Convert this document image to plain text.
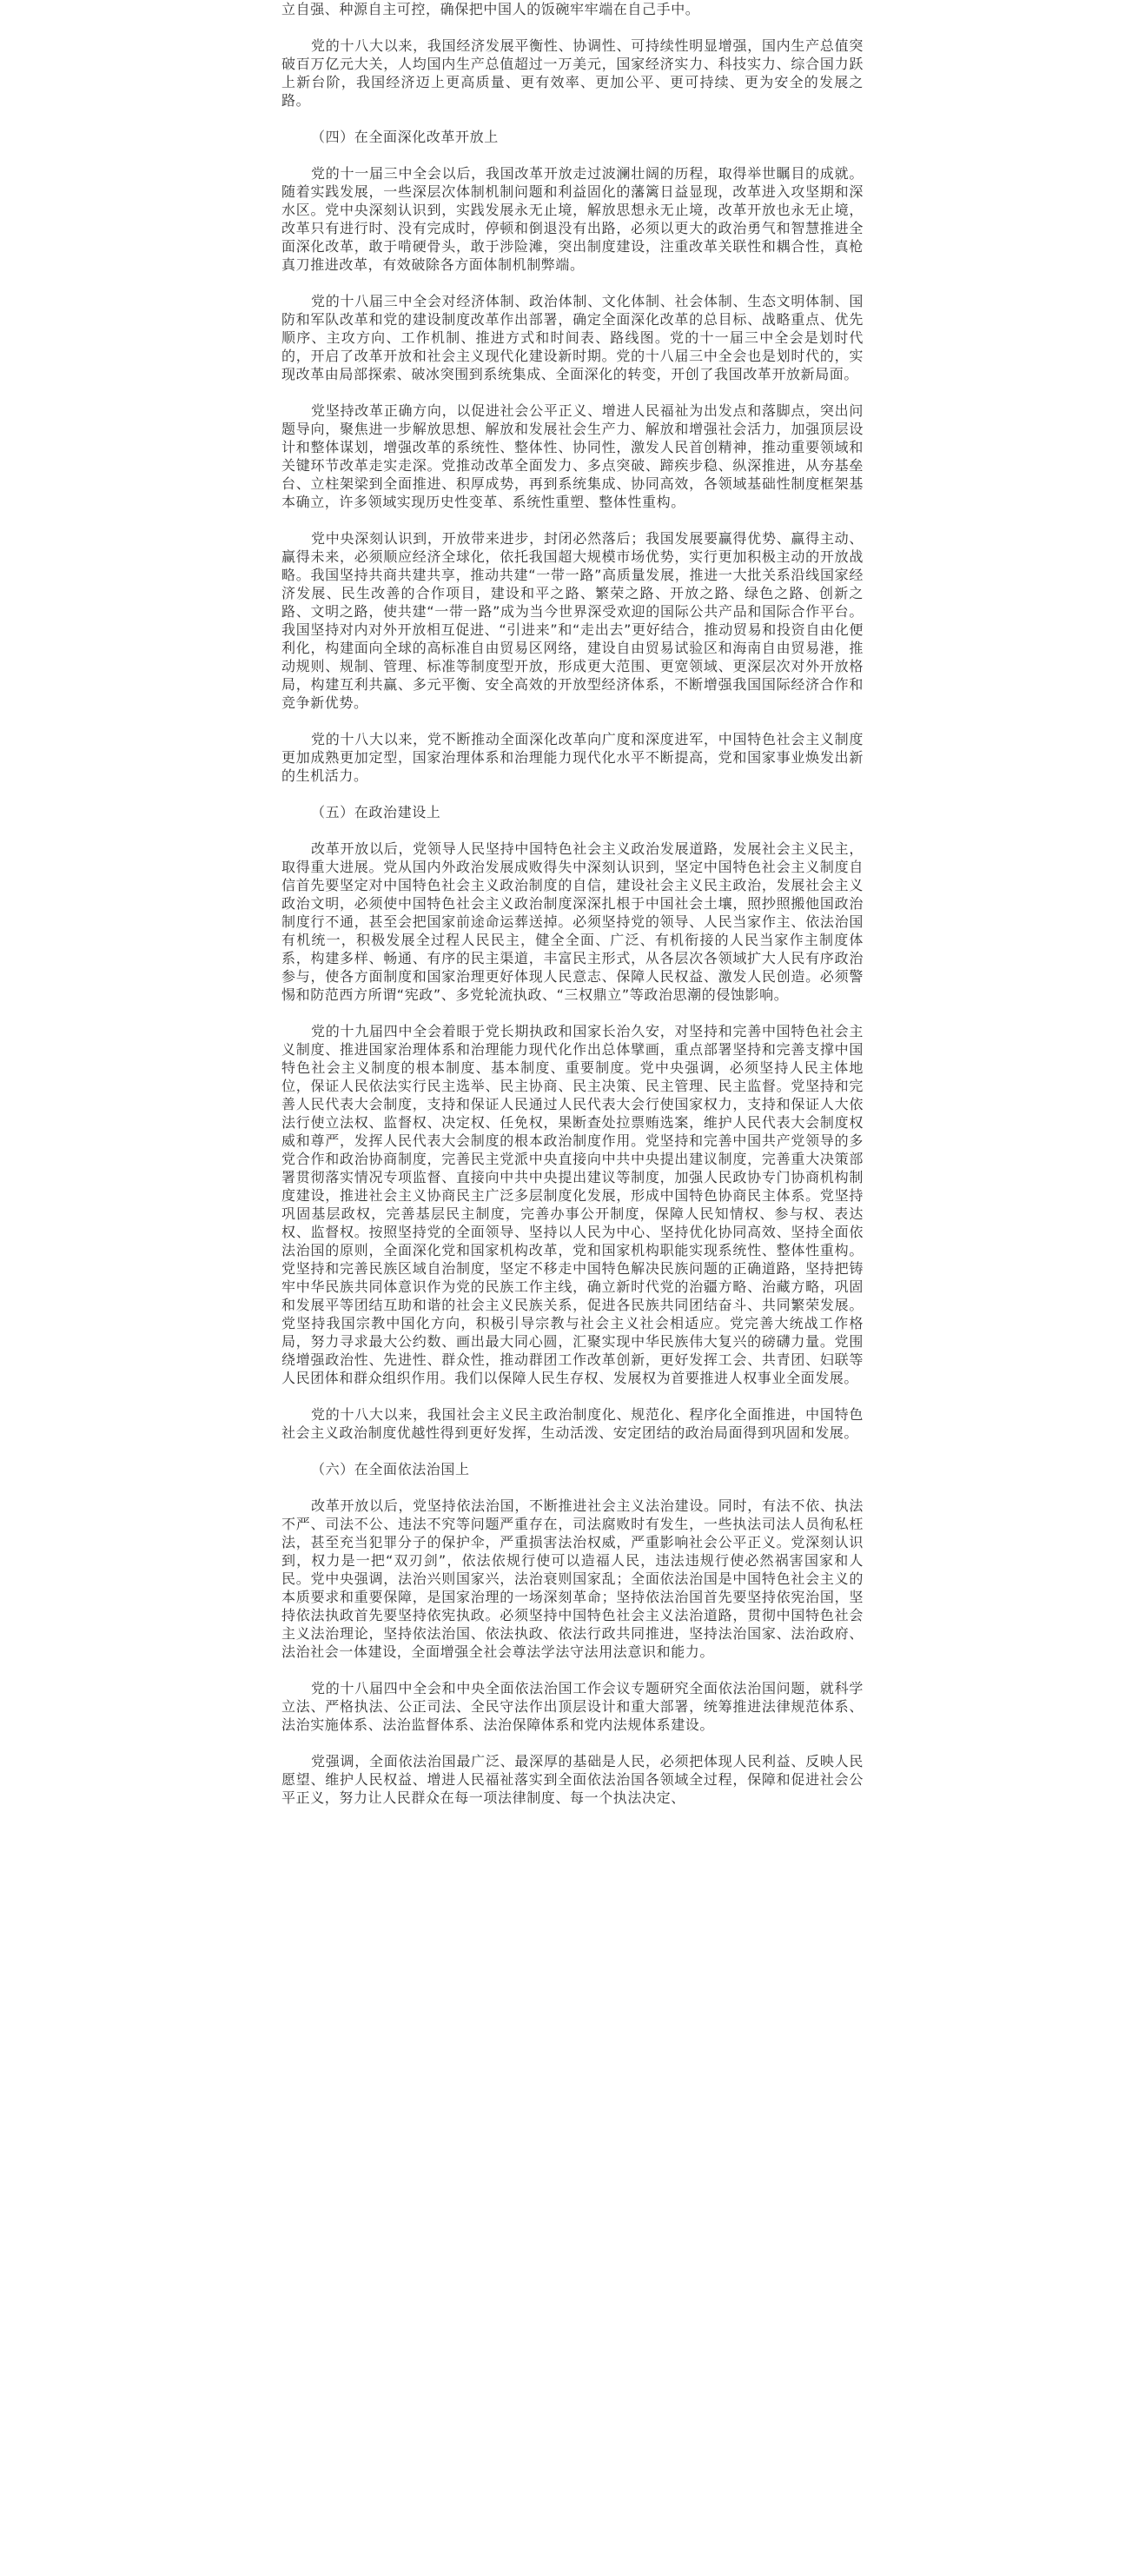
立自强、种源自主可控，确保把中国人的饭碗牢牢端在自己手中。

党的十八大以来，我国经济发展平衡性、协调性、可持续性明显增强，国内生产总值突破百万亿元大关，人均国内生产总值超过一万美元，国家经济实力、科技实力、综合国力跃上新台阶，我国经济迈上更高质量、更有效率、更加公平、更可持续、更为安全的发展之路。

（四）在全面深化改革开放上

党的十一届三中全会以后，我国改革开放走过波澜壮阔的历程，取得举世瞩目的成就。随着实践发展，一些深层次体制机制问题和利益固化的藩篱日益显现，改革进入攻坚期和深水区。党中央深刻认识到，实践发展永无止境，解放思想永无止境，改革开放也永无止境，改革只有进行时、没有完成时，停顿和倒退没有出路，必须以更大的政治勇气和智慧推进全面深化改革，敢于啃硬骨头，敢于涉险滩，突出制度建设，注重改革关联性和耦合性，真枪真刀推进改革，有效破除各方面体制机制弊端。

党的十八届三中全会对经济体制、政治体制、文化体制、社会体制、生态文明体制、国防和军队改革和党的建设制度改革作出部署，确定全面深化改革的总目标、战略重点、优先顺序、主攻方向、工作机制、推进方式和时间表、路线图。党的十一届三中全会是划时代的，开启了改革开放和社会主义现代化建设新时期。党的十八届三中全会也是划时代的，实现改革由局部探索、破冰突围到系统集成、全面深化的转变，开创了我国改革开放新局面。

党坚持改革正确方向，以促进社会公平正义、增进人民福祉为出发点和落脚点，突出问题导向，聚焦进一步解放思想、解放和发展社会生产力、解放和增强社会活力，加强顶层设计和整体谋划，增强改革的系统性、整体性、协同性，激发人民首创精神，推动重要领域和关键环节改革走实走深。党推动改革全面发力、多点突破、蹄疾步稳、纵深推进，从夯基垒台、立柱架梁到全面推进、积厚成势，再到系统集成、协同高效，各领域基础性制度框架基本确立，许多领域实现历史性变革、系统性重塑、整体性重构。

党中央深刻认识到，开放带来进步，封闭必然落后；我国发展要赢得优势、赢得主动、赢得未来，必须顺应经济全球化，依托我国超大规模市场优势，实行更加积极主动的开放战略。我国坚持共商共建共享，推动共建“一带一路”高质量发展，推进一大批关系沿线国家经济发展、民生改善的合作项目，建设和平之路、繁荣之路、开放之路、绿色之路、创新之路、文明之路，使共建“一带一路”成为当今世界深受欢迎的国际公共产品和国际合作平台。我国坚持对内对外开放相互促进、“引进来”和“走出去”更好结合，推动贸易和投资自由化便利化，构建面向全球的高标准自由贸易区网络，建设自由贸易试验区和海南自由贸易港，推动规则、规制、管理、标准等制度型开放，形成更大范围、更宽领域、更深层次对外开放格局，构建互利共赢、多元平衡、安全高效的开放型经济体系，不断增强我国国际经济合作和竞争新优势。

党的十八大以来，党不断推动全面深化改革向广度和深度进军，中国特色社会主义制度更加成熟更加定型，国家治理体系和治理能力现代化水平不断提高，党和国家事业焕发出新的生机活力。

（五）在政治建设上

改革开放以后，党领导人民坚持中国特色社会主义政治发展道路，发展社会主义民主，取得重大进展。党从国内外政治发展成败得失中深刻认识到，坚定中国特色社会主义制度自信首先要坚定对中国特色社会主义政治制度的自信，建设社会主义民主政治，发展社会主义政治文明，必须使中国特色社会主义政治制度深深扎根于中国社会土壤，照抄照搬他国政治制度行不通，甚至会把国家前途命运葬送掉。必须坚持党的领导、人民当家作主、依法治国有机统一，积极发展全过程人民民主，健全全面、广泛、有机衔接的人民当家作主制度体系，构建多样、畅通、有序的民主渠道，丰富民主形式，从各层次各领域扩大人民有序政治参与，使各方面制度和国家治理更好体现人民意志、保障人民权益、激发人民创造。必须警惕和防范西方所谓“宪政”、多党轮流执政、“三权鼎立”等政治思潮的侵蚀影响。

党的十九届四中全会着眼于党长期执政和国家长治久安，对坚持和完善中国特色社会主义制度、推进国家治理体系和治理能力现代化作出总体擘画，重点部署坚持和完善支撑中国特色社会主义制度的根本制度、基本制度、重要制度。党中央强调，必须坚持人民主体地位，保证人民依法实行民主选举、民主协商、民主决策、民主管理、民主监督。党坚持和完善人民代表大会制度，支持和保证人民通过人民代表大会行使国家权力，支持和保证人大依法行使立法权、监督权、决定权、任免权，果断查处拉票贿选案，维护人民代表大会制度权威和尊严，发挥人民代表大会制度的根本政治制度作用。党坚持和完善中国共产党领导的多党合作和政治协商制度，完善民主党派中央直接向中共中央提出建议制度，完善重大决策部署贯彻落实情况专项监督、直接向中共中央提出建议等制度，加强人民政协专门协商机构制度建设，推进社会主义协商民主广泛多层制度化发展，形成中国特色协商民主体系。党坚持巩固基层政权，完善基层民主制度，完善办事公开制度，保障人民知情权、参与权、表达权、监督权。按照坚持党的全面领导、坚持以人民为中心、坚持优化协同高效、坚持全面依法治国的原则，全面深化党和国家机构改革，党和国家机构职能实现系统性、整体性重构。党坚持和完善民族区域自治制度，坚定不移走中国特色解决民族问题的正确道路，坚持把铸牢中华民族共同体意识作为党的民族工作主线，确立新时代党的治疆方略、治藏方略，巩固和发展平等团结互助和谐的社会主义民族关系，促进各民族共同团结奋斗、共同繁荣发展。党坚持我国宗教中国化方向，积极引导宗教与社会主义社会相适应。党完善大统战工作格局，努力寻求最大公约数、画出最大同心圆，汇聚实现中华民族伟大复兴的磅礴力量。党围绕增强政治性、先进性、群众性，推动群团工作改革创新，更好发挥工会、共青团、妇联等人民团体和群众组织作用。我们以保障人民生存权、发展权为首要推进人权事业全面发展。

党的十八大以来，我国社会主义民主政治制度化、规范化、程序化全面推进，中国特色社会主义政治制度优越性得到更好发挥，生动活泼、安定团结的政治局面得到巩固和发展。

（六）在全面依法治国上

改革开放以后，党坚持依法治国，不断推进社会主义法治建设。同时，有法不依、执法不严、司法不公、违法不究等问题严重存在，司法腐败时有发生，一些执法司法人员徇私枉法，甚至充当犯罪分子的保护伞，严重损害法治权威，严重影响社会公平正义。党深刻认识到，权力是一把“双刃剑”，依法依规行使可以造福人民，违法违规行使必然祸害国家和人民。党中央强调，法治兴则国家兴，法治衰则国家乱；全面依法治国是中国特色社会主义的本质要求和重要保障，是国家治理的一场深刻革命；坚持依法治国首先要坚持依宪治国，坚持依法执政首先要坚持依宪执政。必须坚持中国特色社会主义法治道路，贯彻中国特色社会主义法治理论，坚持依法治国、依法执政、依法行政共同推进，坚持法治国家、法治政府、法治社会一体建设，全面增强全社会尊法学法守法用法意识和能力。

党的十八届四中全会和中央全面依法治国工作会议专题研究全面依法治国问题，就科学立法、严格执法、公正司法、全民守法作出顶层设计和重大部署，统筹推进法律规范体系、法治实施体系、法治监督体系、法治保障体系和党内法规体系建设。

党强调，全面依法治国最广泛、最深厚的基础是人民，必须把体现人民利益、反映人民愿望、维护人民权益、增进人民福祉落实到全面依法治国各领域全过程，保障和促进社会公平正义，努力让人民群众在每一项法律制度、每一个执法决定、
